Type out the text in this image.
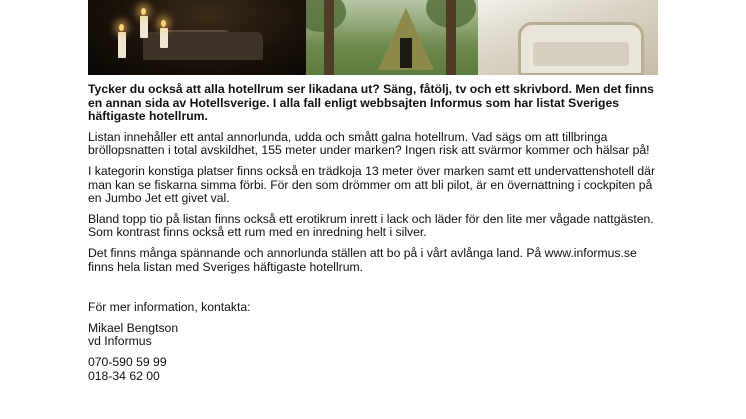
Tycker du också att alla hotellrum ser likadana ut? Säng, fåtölj, tv och ett skrivbord. Men det finns en annan sida av Hotellsverige. I alla fall enligt webbsajten Informus som har listat Sveriges häftigaste hotellrum.

Listan innehåller ett antal annorlunda, udda och smått galna hotellrum. Vad sägs om att tillbringa bröllopsnatten i total avskildhet, 155 meter under marken? Ingen risk att svärmor kommer och hälsar på!

I kategorin konstiga platser finns också en trädkoja 13 meter över marken samt ett undervattenshotell där man kan se fiskarna simma förbi. För den som drömmer om att bli pilot, är en övernattning i cockpiten på en Jumbo Jet ett givet val.

Bland topp tio på listan finns också ett erotikrum inrett i lack och läder för den lite mer vågade nattgästen. Som kontrast finns också ett rum med en inredning helt i silver.

Det finns många spännande och annorlunda ställen att bo på i vårt avlånga land. På www.informus.se finns hela listan med Sveriges häftigaste hotellrum.

För mer information, kontakta:

Mikael Bengtson
vd Informus

070-590 59 99
018-34 62 00
